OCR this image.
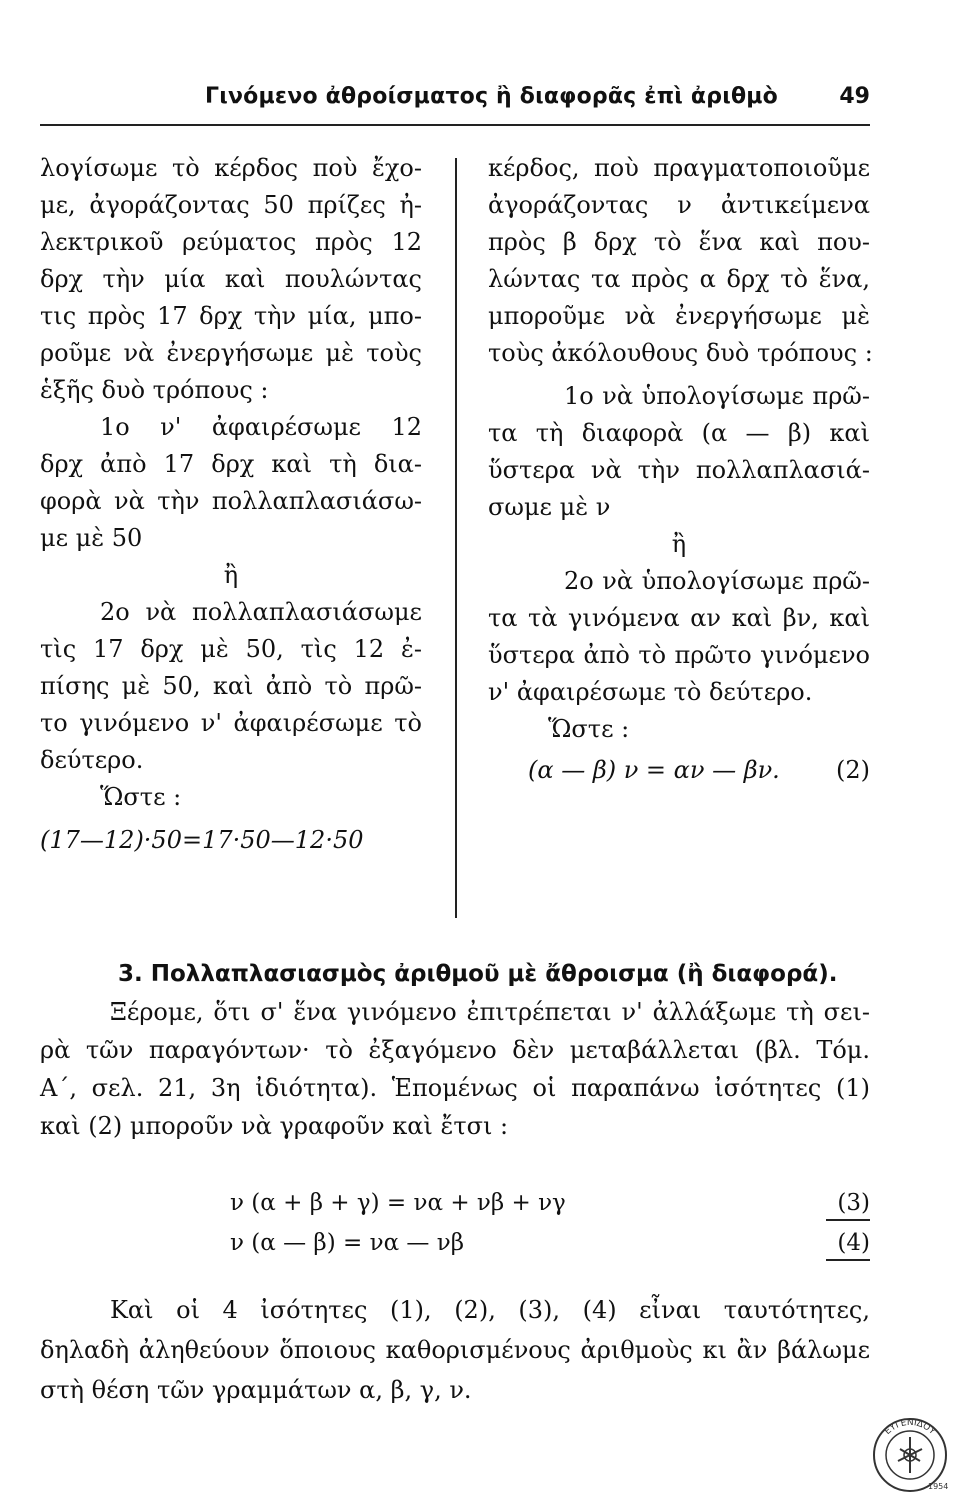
Γινόμενο ἀθροίσματος ἢ διαφορᾶς ἐπὶ ἀριθμὸ	49
λογίσωμε τὸ κέρδος ποὺ ἔχο-
με, ἀγοράζοντας 50 πρίζες ἠ-
λεκτρικοῦ ρεύματος πρὸς 12
δρχ τὴν μία καὶ πουλώντας
τις πρὸς 17 δρχ τὴν μία, μπο-
ροῦμε νὰ ἐνεργήσωμε μὲ τοὺς
ἑξῆς δυὸ τρόπους :
1ο ν' ἀφαιρέσωμε 12
δρχ ἀπὸ 17 δρχ καὶ τὴ δια-
φορὰ νὰ τὴν πολλαπλασιάσω-
με μὲ 50
ἢ
2ο νὰ πολλαπλασιάσωμε
τὶς 17 δρχ μὲ 50, τὶς 12 ἐ-
πίσης μὲ 50, καὶ ἀπὸ τὸ πρῶ-
το γινόμενο ν' ἀφαιρέσωμε τὸ
δεύτερο.
Ὥστε :
(17—12)·50=17·50—12·50
κέρδος, ποὺ πραγματοποιοῦμε
ἀγοράζοντας ν ἀντικείμενα
πρὸς β δρχ τὸ ἕνα καὶ που-
λώντας τα πρὸς α δρχ τὸ ἕνα,
μποροῦμε νὰ ἐνεργήσωμε μὲ
τοὺς ἀκόλουθους δυὸ τρόπους :
1ο νὰ ὑπολογίσωμε πρῶ-
τα τὴ διαφορὰ (α — β) καὶ
ὕστερα νὰ τὴν πολλαπλασιά-
σωμε μὲ ν
ἢ
2ο νὰ ὑπολογίσωμε πρῶ-
τα τὰ γινόμενα αν καὶ βν, καὶ
ὕστερα ἀπὸ τὸ πρῶτο γινόμενο
ν' ἀφαιρέσωμε τὸ δεύτερο.
Ὥστε :
(α — β) ν = αν — βν. (2)
3. Πολλαπλασιασμὸς ἀριθμοῦ μὲ ἄθροισμα (ἢ διαφορά).
Ξέρομε, ὅτι σ' ἕνα γινόμενο ἐπιτρέπεται ν' ἀλλάξωμε τὴ σει-
ρὰ τῶν παραγόντων· τὸ ἐξαγόμενο δὲν μεταβάλλεται (βλ. Τόμ.
Α΄, σελ. 21, 3η ἰδιότητα). Ἑπομένως οἱ παραπάνω ἰσότητες (1)
καὶ (2) μποροῦν νὰ γραφοῦν καὶ ἔτσι :
ν (α + β + γ) = να + νβ + νγ	(3)
ν (α — β) = να — νβ	(4)
Καὶ οἱ 4 ἰσότητες (1), (2), (3), (4) εἶναι ταυτότητες,
δηλαδὴ ἀληθεύουν ὅποιους καθορισμένους ἀριθμοὺς κι ἂν βάλωμε
στὴ θέση τῶν γραμμάτων α, β, γ, ν.
ΕΥΓΕΝΙΔΟΥ
1954
